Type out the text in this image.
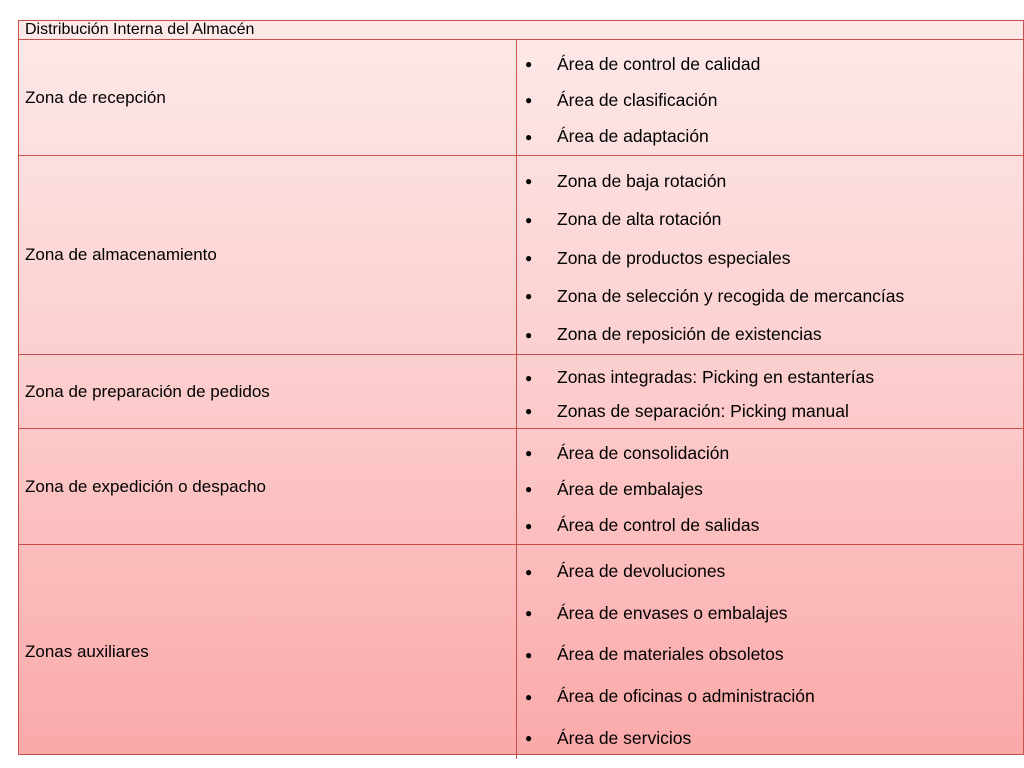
Distribución Interna del Almacén
Zona de recepción
●	Área de control de calidad
●	Área de clasificación
●	Área de adaptación
Zona de almacenamiento
●	Zona de baja rotación
●	Zona de alta rotación
●	Zona de productos especiales
●	Zona de selección y recogida de mercancías
●	Zona de reposición de existencias
Zona de preparación de pedidos
●	Zonas integradas: Picking en estanterías
●	Zonas de separación: Picking manual
Zona de expedición o despacho
●	Área de consolidación
●	Área de embalajes
●	Área de control de salidas
Zonas auxiliares
●	Área de devoluciones
●	Área de envases o embalajes
●	Área de materiales obsoletos
●	Área de oficinas o administración
●	Área de servicios
